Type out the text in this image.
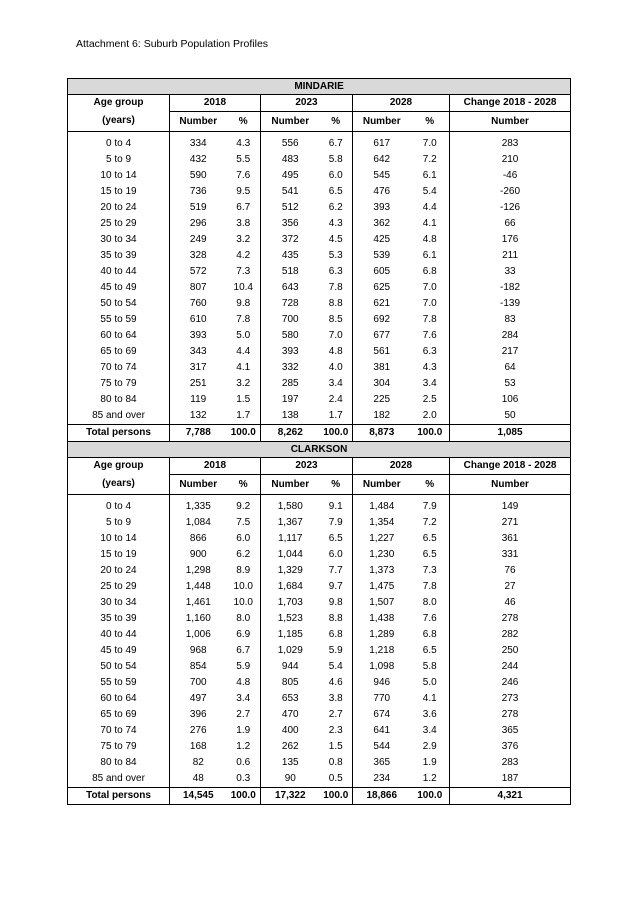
Attachment 6: Suburb Population Profiles
MINDARIE							
Age group	2018		2023		2028		Change 2018 - 2028
(years)	Number	%	Number	%	Number	%	Number

0 to 4	334	4.3	556	6.7	617	7.0	283
5 to 9	432	5.5	483	5.8	642	7.2	210
10 to 14	590	7.6	495	6.0	545	6.1	-46
15 to 19	736	9.5	541	6.5	476	5.4	-260
20 to 24	519	6.7	512	6.2	393	4.4	-126
25 to 29	296	3.8	356	4.3	362	4.1	66
30 to 34	249	3.2	372	4.5	425	4.8	176
35 to 39	328	4.2	435	5.3	539	6.1	211
40 to 44	572	7.3	518	6.3	605	6.8	33
45 to 49	807	10.4	643	7.8	625	7.0	-182
50 to 54	760	9.8	728	8.8	621	7.0	-139
55 to 59	610	7.8	700	8.5	692	7.8	83
60 to 64	393	5.0	580	7.0	677	7.6	284
65 to 69	343	4.4	393	4.8	561	6.3	217
70 to 74	317	4.1	332	4.0	381	4.3	64
75 to 79	251	3.2	285	3.4	304	3.4	53
80 to 84	119	1.5	197	2.4	225	2.5	106
85 and over	132	1.7	138	1.7	182	2.0	50
Total persons	7,788	100.0	8,262	100.0	8,873	100.0	1,085
CLARKSON							
Age group	2018		2023		2028		Change 2018 - 2028
(years)	Number	%	Number	%	Number	%	Number

0 to 4	1,335	9.2	1,580	9.1	1,484	7.9	149
5 to 9	1,084	7.5	1,367	7.9	1,354	7.2	271
10 to 14	866	6.0	1,117	6.5	1,227	6.5	361
15 to 19	900	6.2	1,044	6.0	1,230	6.5	331
20 to 24	1,298	8.9	1,329	7.7	1,373	7.3	76
25 to 29	1,448	10.0	1,684	9.7	1,475	7.8	27
30 to 34	1,461	10.0	1,703	9.8	1,507	8.0	46
35 to 39	1,160	8.0	1,523	8.8	1,438	7.6	278
40 to 44	1,006	6.9	1,185	6.8	1,289	6.8	282
45 to 49	968	6.7	1,029	5.9	1,218	6.5	250
50 to 54	854	5.9	944	5.4	1,098	5.8	244
55 to 59	700	4.8	805	4.6	946	5.0	246
60 to 64	497	3.4	653	3.8	770	4.1	273
65 to 69	396	2.7	470	2.7	674	3.6	278
70 to 74	276	1.9	400	2.3	641	3.4	365
75 to 79	168	1.2	262	1.5	544	2.9	376
80 to 84	82	0.6	135	0.8	365	1.9	283
85 and over	48	0.3	90	0.5	234	1.2	187
Total persons	14,545	100.0	17,322	100.0	18,866	100.0	4,321
